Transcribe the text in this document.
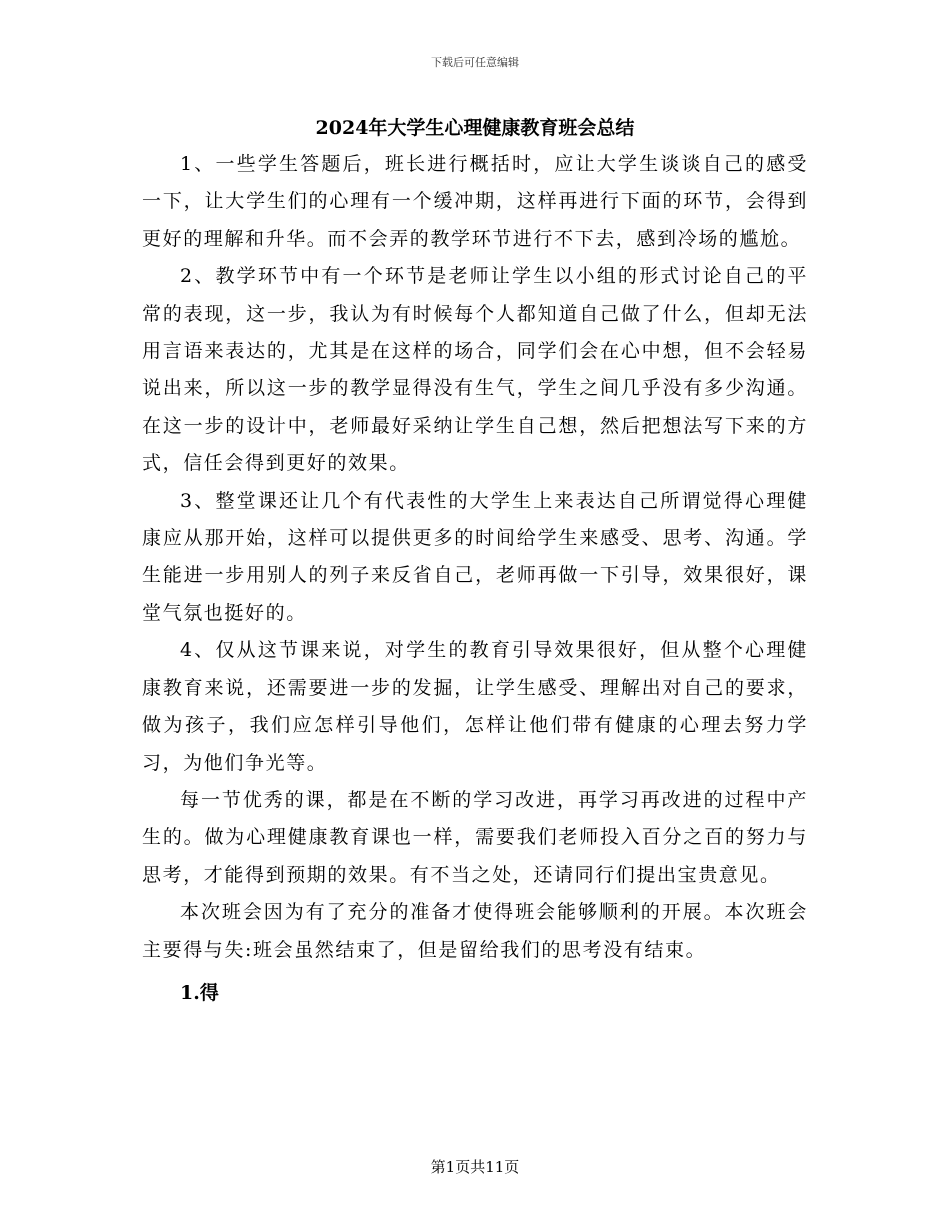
下载后可任意编辑
2024年大学生心理健康教育班会总结

1、一些学生答题后，班长进行概括时，应让大学生谈谈自己的感受一下，让大学生们的心理有一个缓冲期，这样再进行下面的环节，会得到更好的理解和升华。而不会弄的教学环节进行不下去，感到冷场的尴尬。

2、教学环节中有一个环节是老师让学生以小组的形式讨论自己的平常的表现，这一步，我认为有时候每个人都知道自己做了什么，但却无法用言语来表达的，尤其是在这样的场合，同学们会在心中想，但不会轻易说出来，所以这一步的教学显得没有生气，学生之间几乎没有多少沟通。在这一步的设计中，老师最好采纳让学生自己想，然后把想法写下来的方式，信任会得到更好的效果。

3、整堂课还让几个有代表性的大学生上来表达自己所谓觉得心理健康应从那开始，这样可以提供更多的时间给学生来感受、思考、沟通。学生能进一步用别人的列子来反省自己，老师再做一下引导，效果很好，课堂气氛也挺好的。

4、仅从这节课来说，对学生的教育引导效果很好，但从整个心理健康教育来说，还需要进一步的发掘，让学生感受、理解出对自己的要求，做为孩子，我们应怎样引导他们，怎样让他们带有健康的心理去努力学习，为他们争光等。

每一节优秀的课，都是在不断的学习改进，再学习再改进的过程中产生的。做为心理健康教育课也一样，需要我们老师投入百分之百的努力与思考，才能得到预期的效果。有不当之处，还请同行们提出宝贵意见。

本次班会因为有了充分的准备才使得班会能够顺利的开展。本次班会主要得与失:班会虽然结束了，但是留给我们的思考没有结束。

1.得

第1页共11页
